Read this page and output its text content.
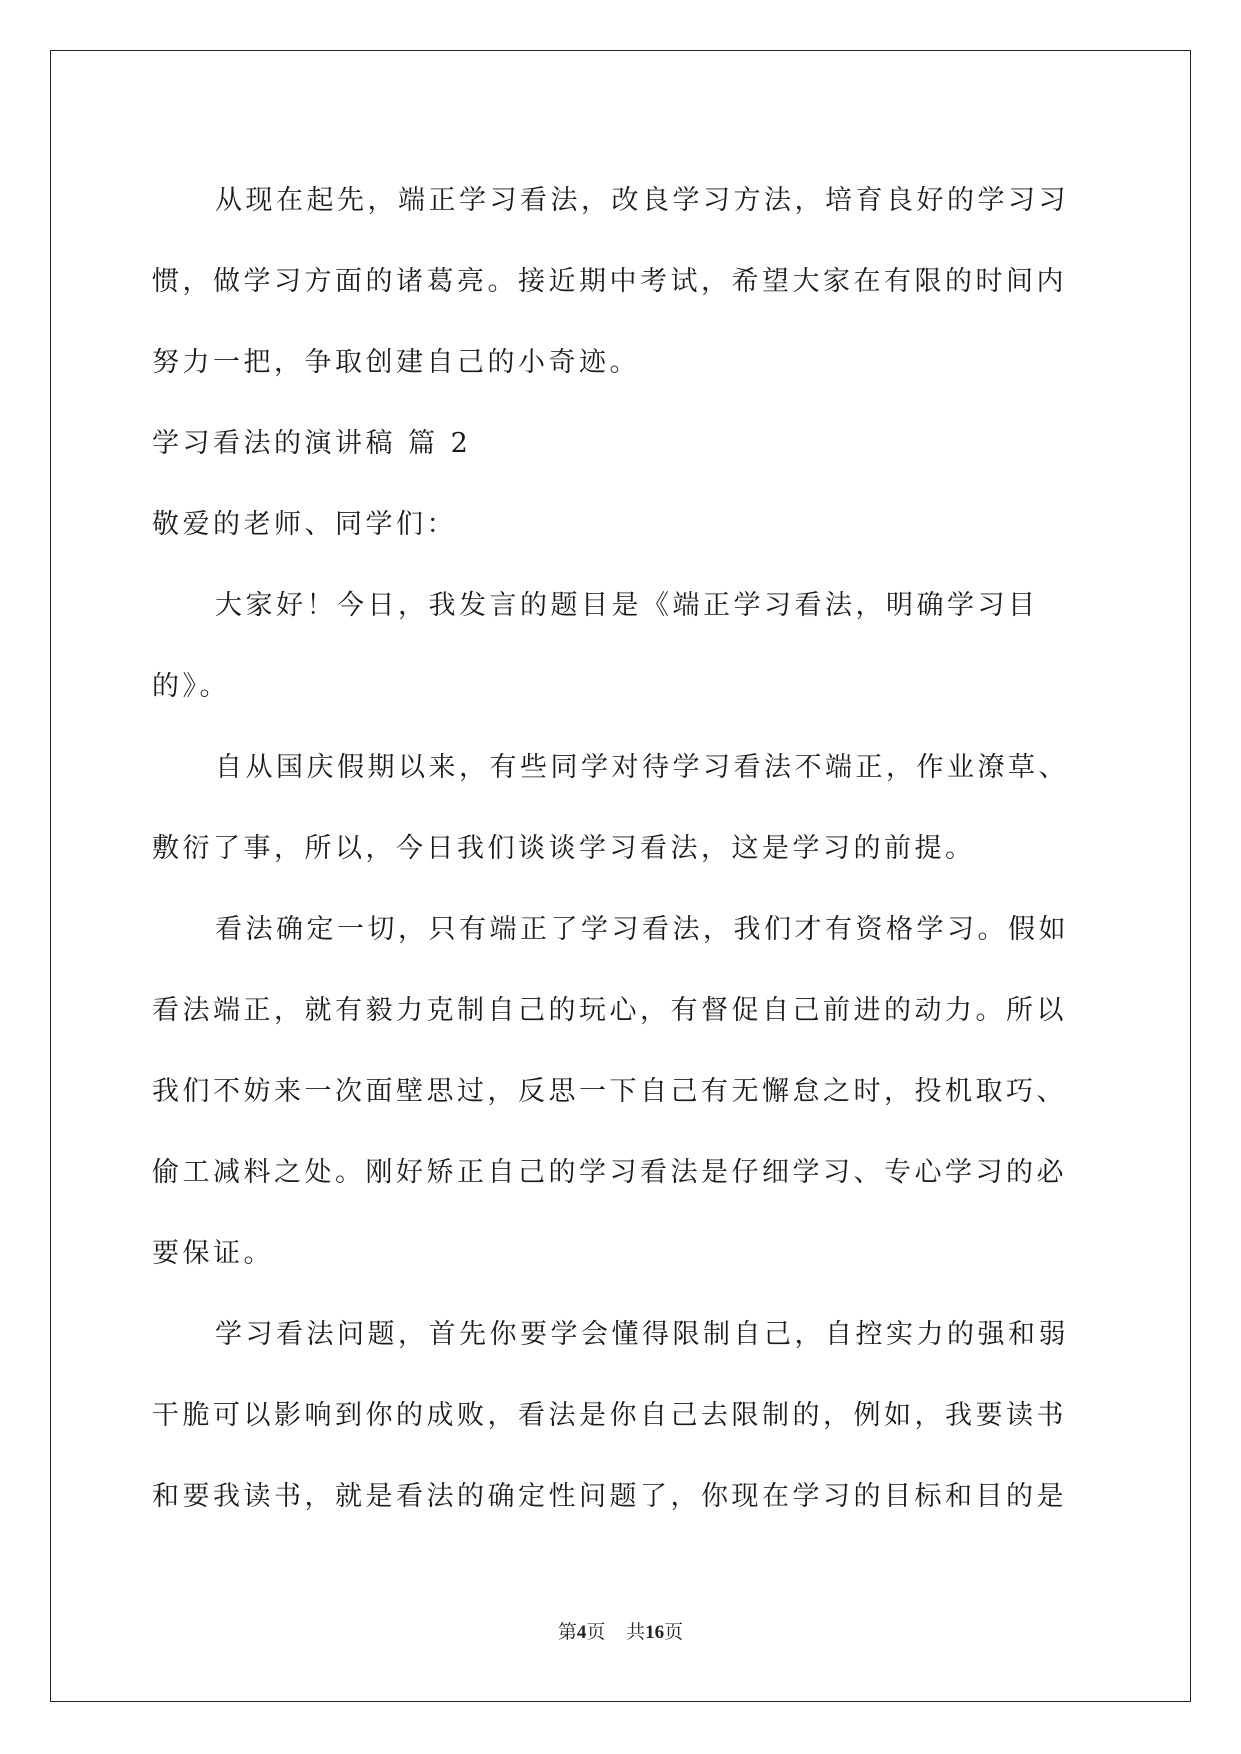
从现在起先，端正学习看法，改良学习方法，培育良好的学习习
惯，做学习方面的诸葛亮。接近期中考试，希望大家在有限的时间内
努力一把，争取创建自己的小奇迹。
学习看法的演讲稿 篇 2
敬爱的老师、同学们：
大家好！今日，我发言的题目是《端正学习看法，明确学习目
的》。
自从国庆假期以来，有些同学对待学习看法不端正，作业潦草、
敷衍了事，所以，今日我们谈谈学习看法，这是学习的前提。
看法确定一切，只有端正了学习看法，我们才有资格学习。假如
看法端正，就有毅力克制自己的玩心，有督促自己前进的动力。所以
我们不妨来一次面壁思过，反思一下自己有无懈怠之时，投机取巧、
偷工减料之处。刚好矫正自己的学习看法是仔细学习、专心学习的必
要保证。
学习看法问题，首先你要学会懂得限制自己，自控实力的强和弱
干脆可以影响到你的成败，看法是你自己去限制的，例如，我要读书
和要我读书，就是看法的确定性问题了，你现在学习的目标和目的是
第4页 共16页
